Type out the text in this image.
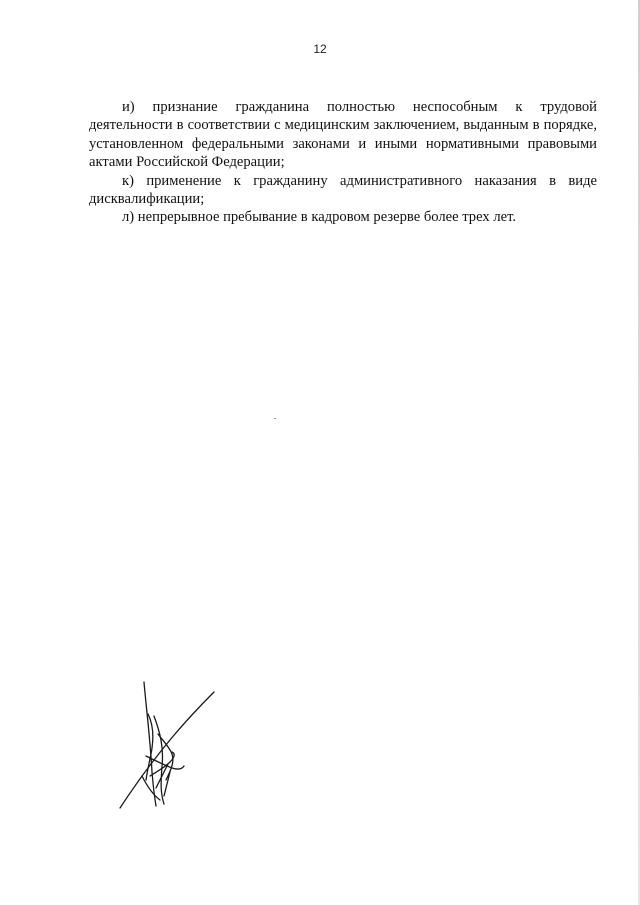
12

и) признание гражданина полностью неспособным к трудовой деятельности в соответствии с медицинским заключением, выданным в порядке, установленном федеральными законами и иными нормативными правовыми актами Российской Федерации;

к) применение к гражданину административного наказания в виде дисквалификации;

л) непрерывное пребывание в кадровом резерве более трех лет.
